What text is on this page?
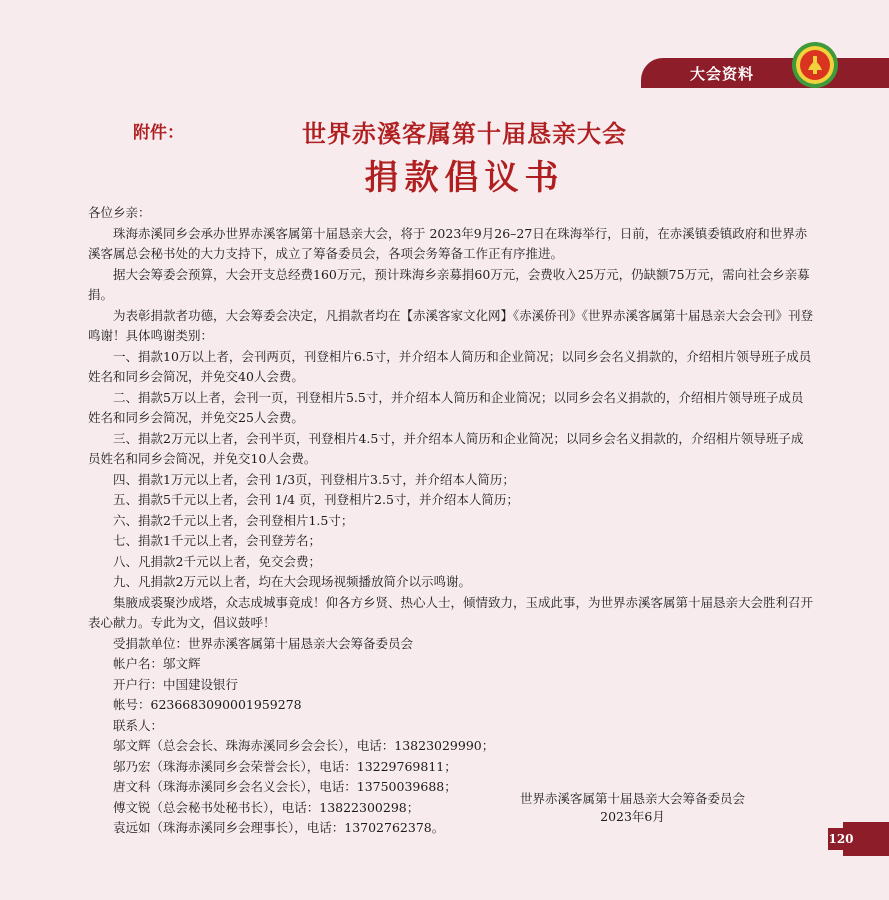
大会资料
附件：	世界赤溪客属第十届恳亲大会
捐款倡议书

各位乡亲：

珠海赤溪同乡会承办世界赤溪客属第十届恳亲大会，将于 2023年9月26–27日在珠海举行，日前，在赤溪镇委镇政府和世界赤溪客属总会秘书处的大力支持下，成立了筹备委员会，各项会务筹备工作正有序推进。

据大会筹委会预算，大会开支总经费160万元，预计珠海乡亲募捐60万元，会费收入25万元，仍缺额75万元，需向社会乡亲募捐。

为表彰捐款者功德，大会筹委会决定，凡捐款者均在【赤溪客家文化网】《赤溪侨刊》《世界赤溪客属第十届恳亲大会会刊》刊登鸣谢！具体鸣谢类别：

一、捐款10万以上者，会刊两页，刊登相片6.5寸，并介绍本人简历和企业简况；以同乡会名义捐款的，介绍相片领导班子成员姓名和同乡会简况，并免交40人会费。

二、捐款5万以上者，会刊一页，刊登相片5.5寸，并介绍本人简历和企业简况；以同乡会名义捐款的，介绍相片领导班子成员姓名和同乡会简况，并免交25人会费。

三、捐款2万元以上者，会刊半页，刊登相片4.5寸，并介绍本人简历和企业简况；以同乡会名义捐款的，介绍相片领导班子成员姓名和同乡会简况，并免交10人会费。

四、捐款1万元以上者，会刊 1/3页，刊登相片3.5寸，并介绍本人简历；

五、捐款5千元以上者，会刊 1/4 页，刊登相片2.5寸，并介绍本人简历；

六、捐款2千元以上者，会刊登相片1.5寸；

七、捐款1千元以上者，会刊登芳名；

八、凡捐款2千元以上者，免交会费；

九、凡捐款2万元以上者，均在大会现场视频播放简介以示鸣谢。

集腋成裘聚沙成塔，众志成城事竟成！仰各方乡贤、热心人士，倾情致力，玉成此事，为世界赤溪客属第十届恳亲大会胜利召开表心献力。专此为文，倡议鼓呼！

受捐款单位：世界赤溪客属第十届恳亲大会筹备委员会

帐户名：邬文辉

开户行：中国建设银行

帐号：6236683090001959278

联系人：

邬文辉（总会会长、珠海赤溪同乡会会长），电话：13823029990；

邬乃宏（珠海赤溪同乡会荣誉会长），电话：13229769811；

唐文科（珠海赤溪同乡会名义会长），电话：13750039688；

傅文锐（总会秘书处秘书长），电话：13822300298；

袁远如（珠海赤溪同乡会理事长），电话：13702762378。

世界赤溪客属第十届恳亲大会筹备委员会
2023年6月
120
